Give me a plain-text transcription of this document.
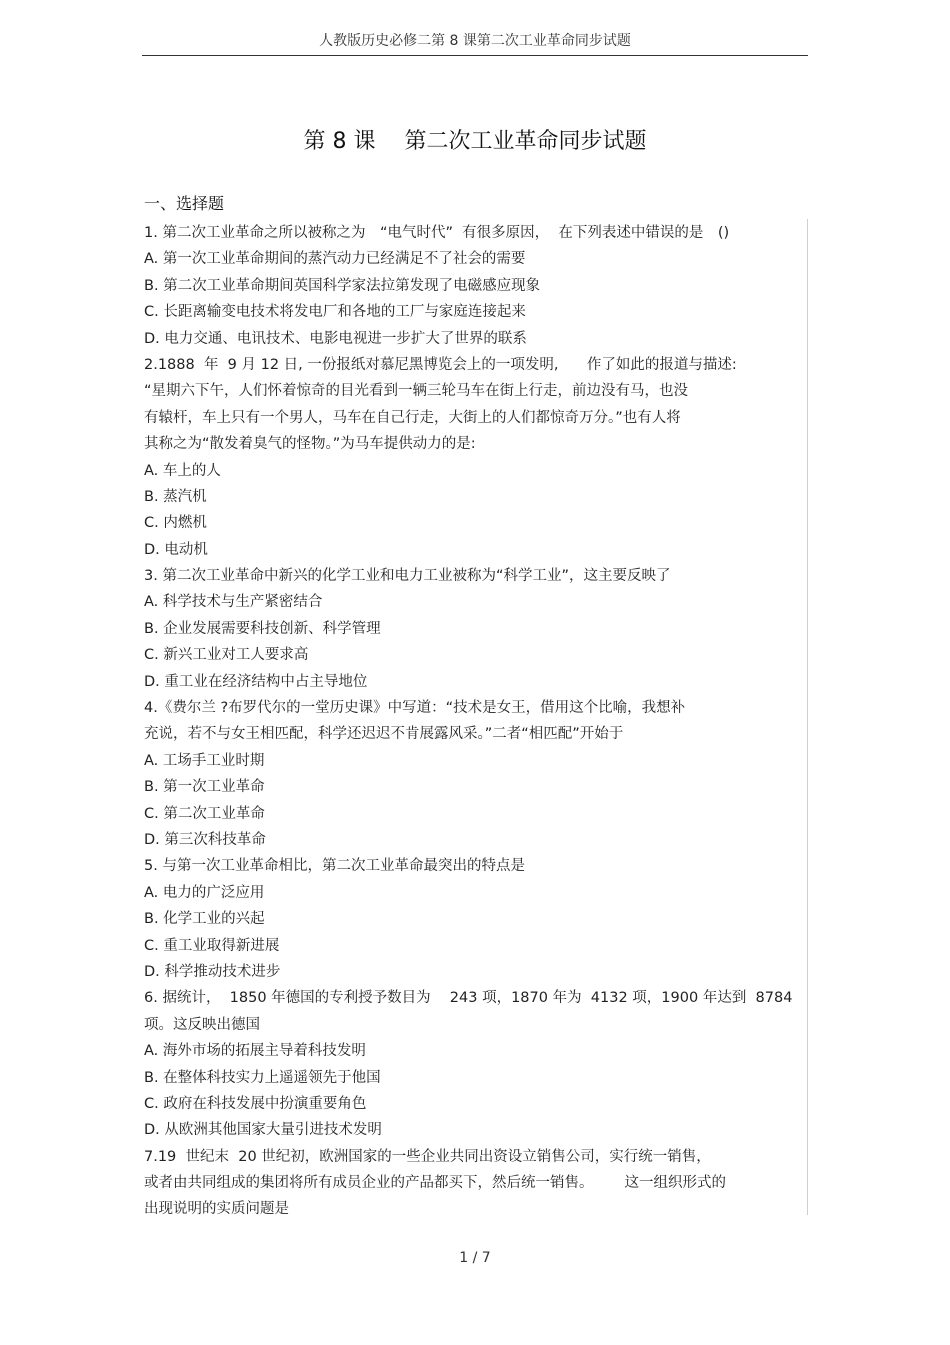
人教版历史必修二第 8 课第二次工业革命同步试题
第 8 课　 第二次工业革命同步试题
一、选择题
1. 第二次工业革命之所以被称之为　“电气时代”  有很多原因，  在下列表述中错误的是　()
A. 第一次工业革命期间的蒸汽动力已经满足不了社会的需要
B. 第二次工业革命期间英国科学家法拉第发现了电磁感应现象
C. 长距离输变电技术将发电厂和各地的工厂与家庭连接起来
D. 电力交通、电讯技术、电影电视进一步扩大了世界的联系
2.1888  年  9 月 12 日, 一份报纸对慕尼黑博览会上的一项发明,　   作了如此的报道与描述:
“星期六下午，人们怀着惊奇的目光看到一辆三轮马车在街上行走，前边没有马，也没
有辕杆，车上只有一个男人，马车在自己行走，大街上的人们都惊奇万分。”也有人将
其称之为“散发着臭气的怪物。”为马车提供动力的是:
A. 车上的人
B. 蒸汽机
C. 内燃机
D. 电动机
3. 第二次工业革命中新兴的化学工业和电力工业被称为“科学工业”，这主要反映了
A. 科学技术与生产紧密结合
B. 企业发展需要科技创新、科学管理
C. 新兴工业对工人要求高
D. 重工业在经济结构中占主导地位
4.《费尔兰 ?布罗代尔的一堂历史课》中写道：“技术是女王，借用这个比喻，我想补
充说，若不与女王相匹配，科学还迟迟不肯展露风采。”二者“相匹配”开始于
A. 工场手工业时期
B. 第一次工业革命
C. 第二次工业革命
D. 第三次科技革命
5. 与第一次工业革命相比，第二次工业革命最突出的特点是
A. 电力的广泛应用
B. 化学工业的兴起
C. 重工业取得新进展
D. 科学推动技术进步
6. 据统计，  1850 年德国的专利授予数目为　 243 项，1870 年为  4132 项，1900 年达到  8784
项。这反映出德国
A. 海外市场的拓展主导着科技发明
B. 在整体科技实力上遥遥领先于他国
C. 政府在科技发展中扮演重要角色
D. 从欧洲其他国家大量引进技术发明
7.19  世纪末  20 世纪初，欧洲国家的一些企业共同出资设立销售公司，实行统一销售，
或者由共同组成的集团将所有成员企业的产品都买下，然后统一销售。　　  这一组织形式的
出现说明的实质问题是
1 / 7
